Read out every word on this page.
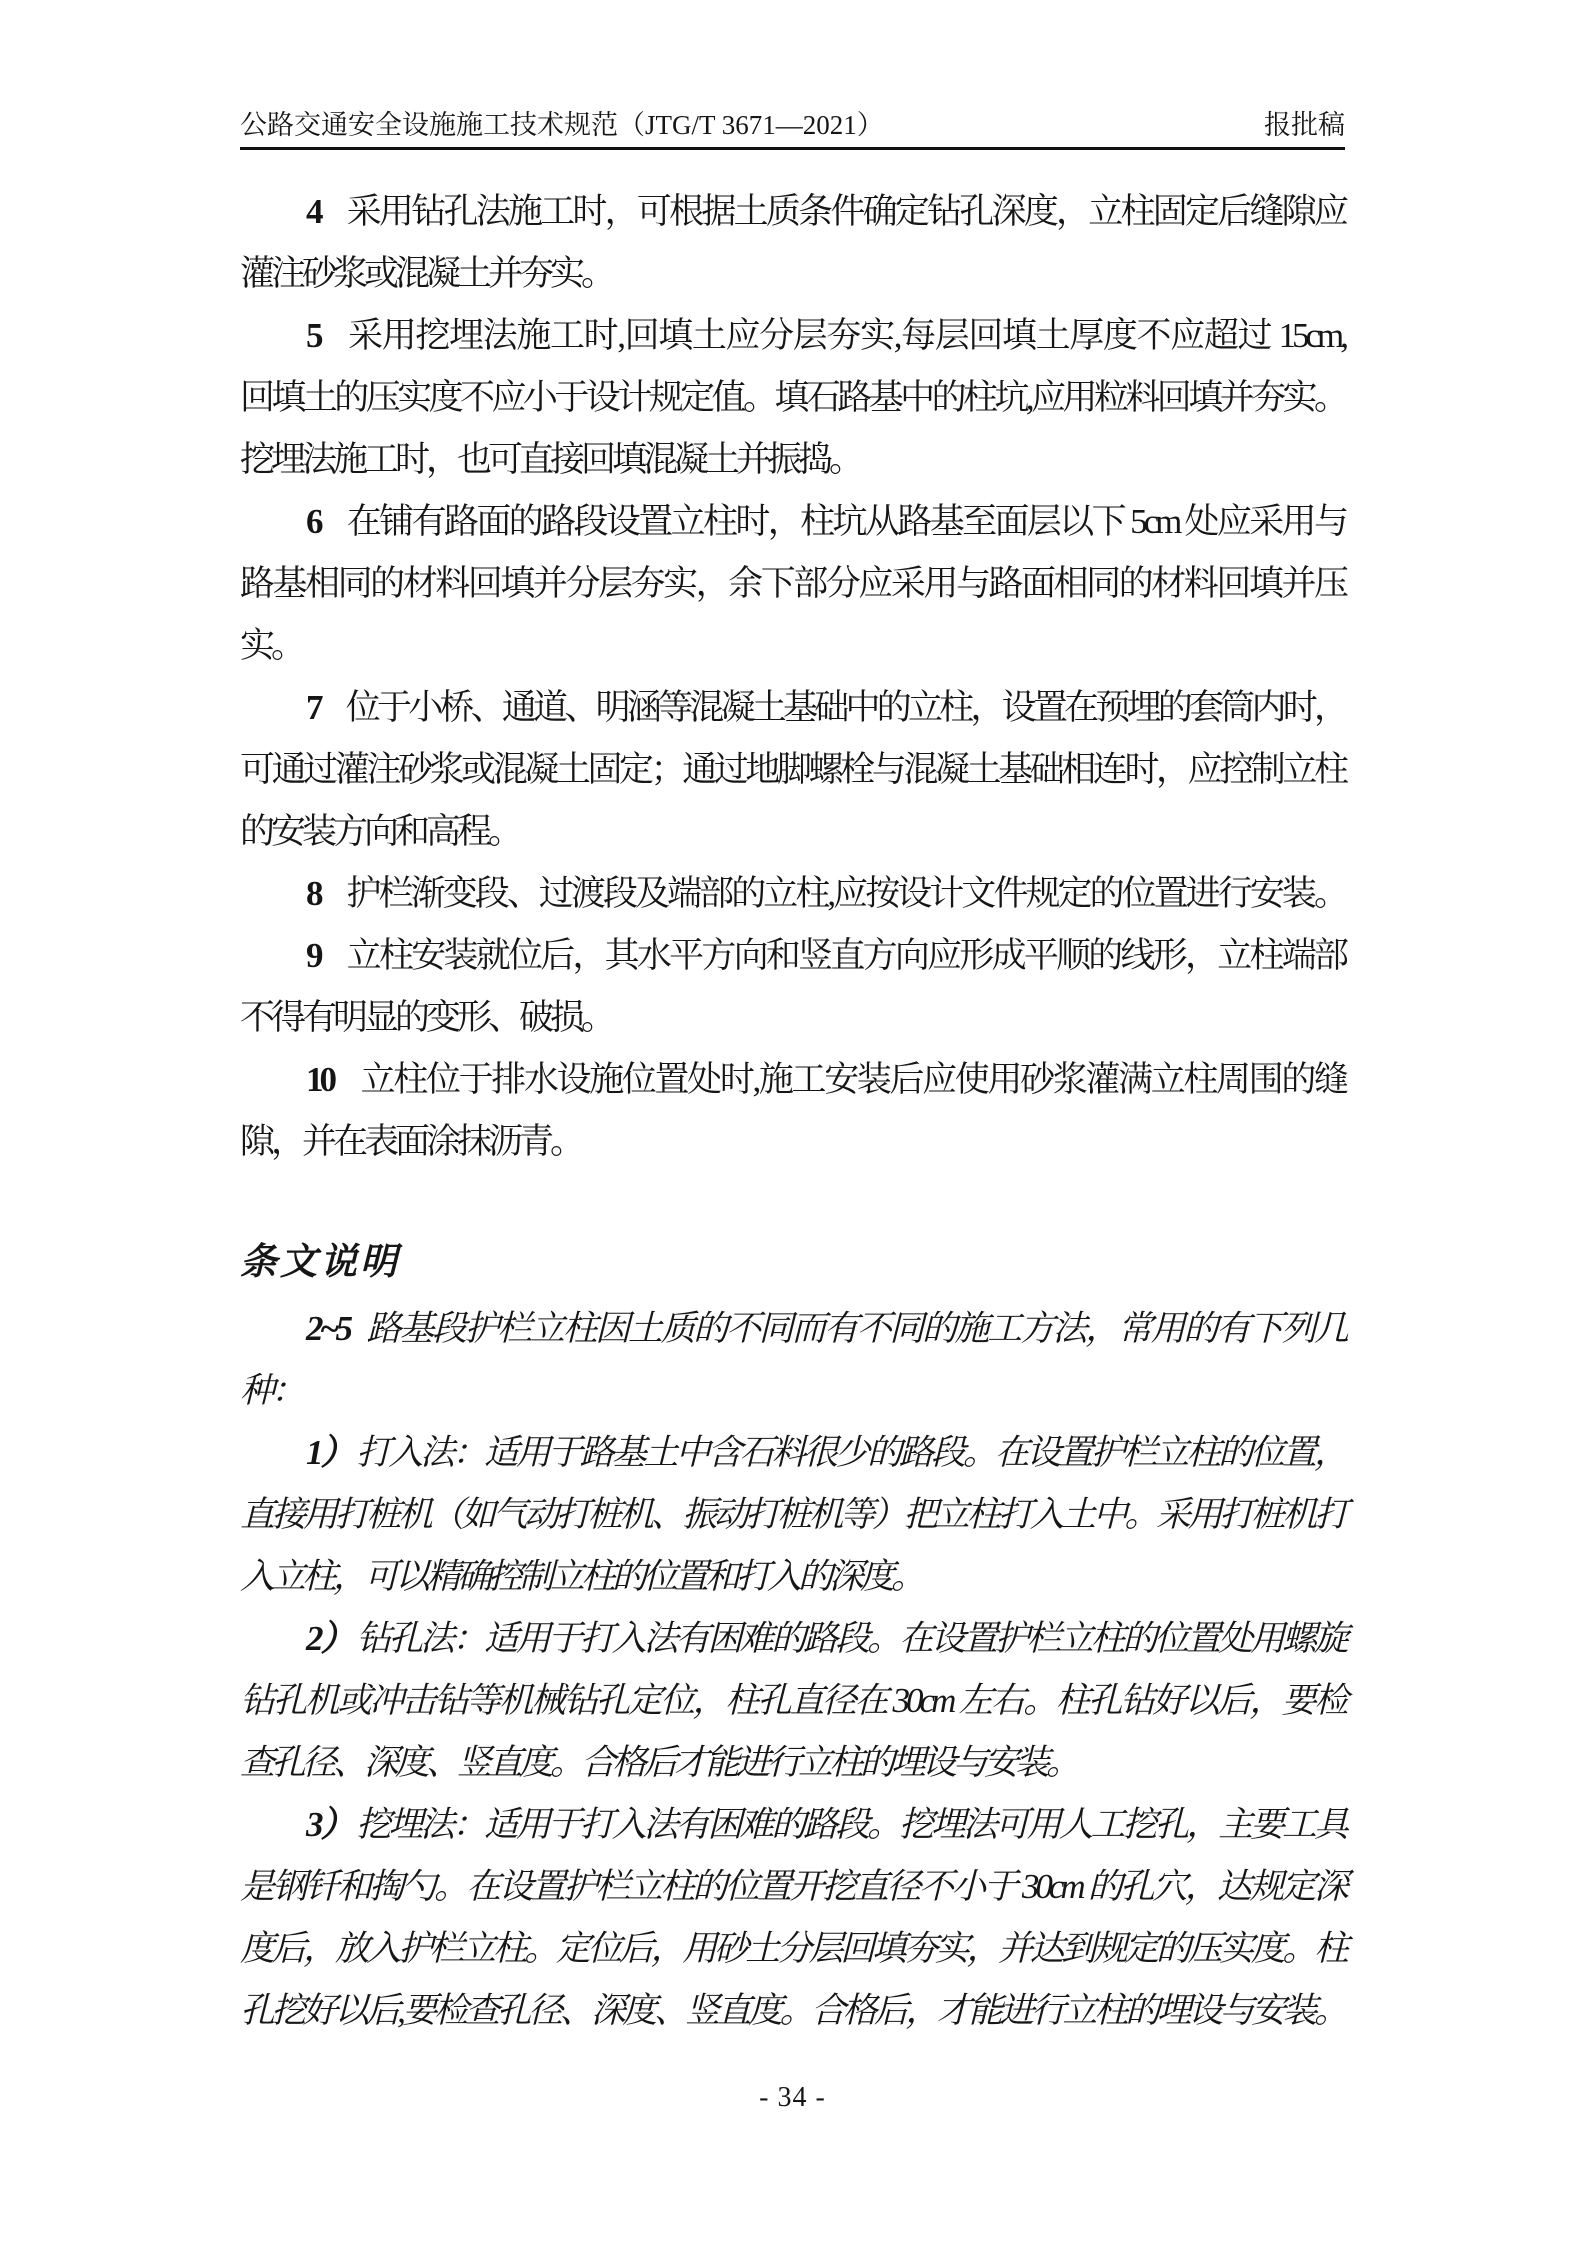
公路交通安全设施施工技术规范（JTG/T 3671—2021）	报批稿
4 采用钻孔法施工时，可根据土质条件确定钻孔深度，立柱固定后缝隙应
灌注砂浆或混凝土并夯实。
5 采用挖埋法施工时,回填土应分层夯实,每层回填土厚度不应超过 15cm,
回填土的压实度不应小于设计规定值。填石路基中的柱坑,应用粒料回填并夯实。
挖埋法施工时，也可直接回填混凝土并振捣。
6 在铺有路面的路段设置立柱时，柱坑从路基至面层以下 5cm 处应采用与
路基相同的材料回填并分层夯实，余下部分应采用与路面相同的材料回填并压
实。
7 位于小桥、通道、明涵等混凝土基础中的立柱，设置在预埋的套筒内时，
可通过灌注砂浆或混凝土固定；通过地脚螺栓与混凝土基础相连时，应控制立柱
的安装方向和高程。
8 护栏渐变段、过渡段及端部的立柱,应按设计文件规定的位置进行安装。
9 立柱安装就位后，其水平方向和竖直方向应形成平顺的线形，立柱端部
不得有明显的变形、破损。
10 立柱位于排水设施位置处时,施工安装后应使用砂浆灌满立柱周围的缝
隙，并在表面涂抹沥青。
条文说明
2~5 路基段护栏立柱因土质的不同而有不同的施工方法，常用的有下列几
种：
1） 打入法：适用于路基土中含石料很少的路段。在设置护栏立柱的位置，
直接用打桩机（如气动打桩机、振动打桩机等）把立柱打入土中。采用打桩机打
入立柱，可以精确控制立柱的位置和打入的深度。
2） 钻孔法：适用于打入法有困难的路段。在设置护栏立柱的位置处用螺旋
钻孔机或冲击钻等机械钻孔定位，柱孔直径在 30cm 左右。柱孔钻好以后，要检
查孔径、深度、竖直度。合格后才能进行立柱的埋设与安装。
3） 挖埋法：适用于打入法有困难的路段。挖埋法可用人工挖孔，主要工具
是钢钎和掏勺。在设置护栏立柱的位置开挖直径不小于 30cm 的孔穴，达规定深
度后，放入护栏立柱。定位后，用砂土分层回填夯实，并达到规定的压实度。柱
孔挖好以后,要检查孔径、深度、竖直度。合格后，才能进行立柱的埋设与安装。
- 34 -
